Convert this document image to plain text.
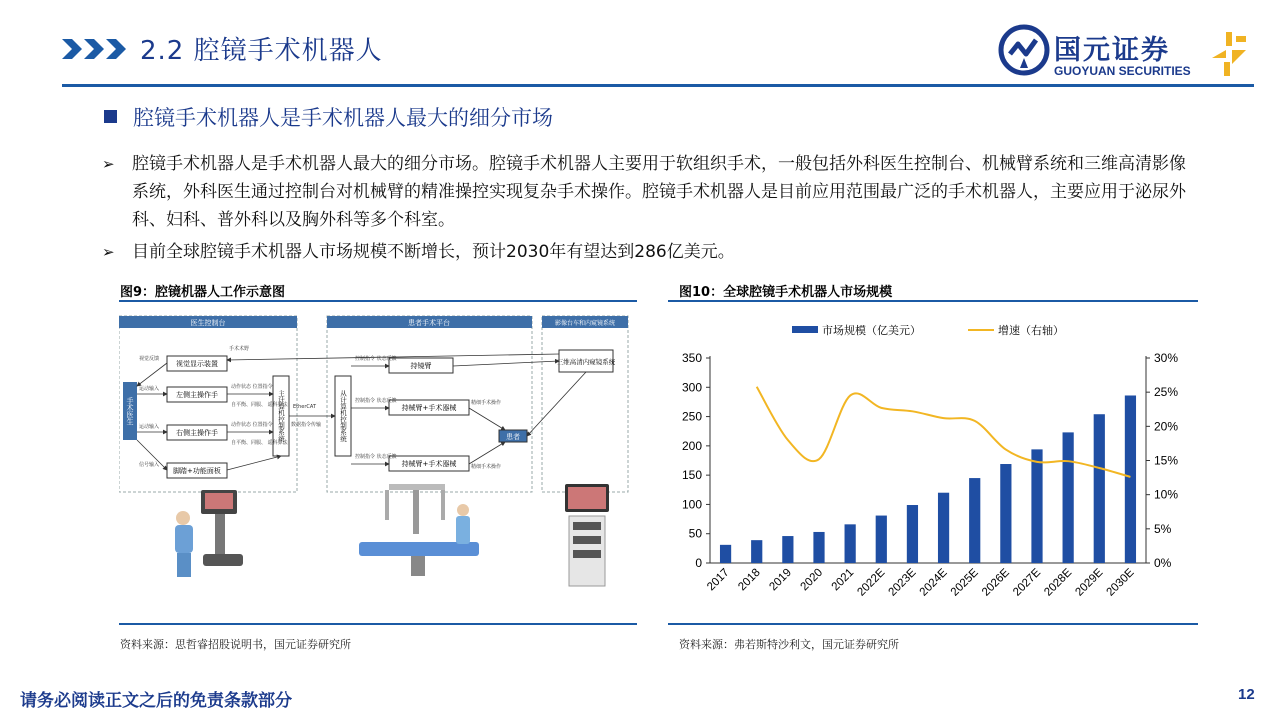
2.2 腔镜手术机器人	国元证券
GUOYUAN SECURITIES
腔镜手术机器人是手术机器人最大的细分市场
➢ 腔镜手术机器人是手术机器人最大的细分市场。腔镜手术机器人主要用于软组织手术，一般包括外科医生控制台、机械臂系统和三维高清影像系统，外科医生通过控制台对机械臂的精准操控实现复杂手术操作。腔镜手术机器人是目前应用范围最广泛的手术机器人，主要应用于泌尿外科、妇科、普外科以及胸外科等多个科室。
➢ 目前全球腔镜手术机器人市场规模不断增长，预计2030年有望达到286亿美元。
图9：腔镜机器人工作示意图
医生控制台	患者手术平台	影像台车和内窥镜系统
手术医生
视觉显示装置
左侧主操作手
右侧主操作手
脚踏+功能面板
主计算机控制系统	从计算机控制系统
持镜臂
持械臂+手术器械
持械臂+手术器械
患者
三维高清内窥镜系统
手术术野
视觉反馈
运动输入
运动输入
信号输入
动作状态 位置指令
自平衡、同服、 遥科算法
动作状态 位置指令
自平衡、同服、 遥科算法
EtherCAT
数据指令传输
控制指令 状态反馈
控制指令 状态反馈
控制指令 状态反馈
精细手术操作
精细手术操作
资料来源：思哲睿招股说明书，国元证券研究所
图10：全球腔镜手术机器人市场规模
市场规模（亿美元）	增速（右轴）
0
50
100
150
200
250
300
350
0%
5%
10%
15%
20%
25%
30%
2017 2018 2019 2020 2021 2022E 2023E 2024E 2025E 2026E 2027E 2028E 2029E 2030E
资料来源：弗若斯特沙利文，国元证券研究所
请务必阅读正文之后的免责条款部分	12
